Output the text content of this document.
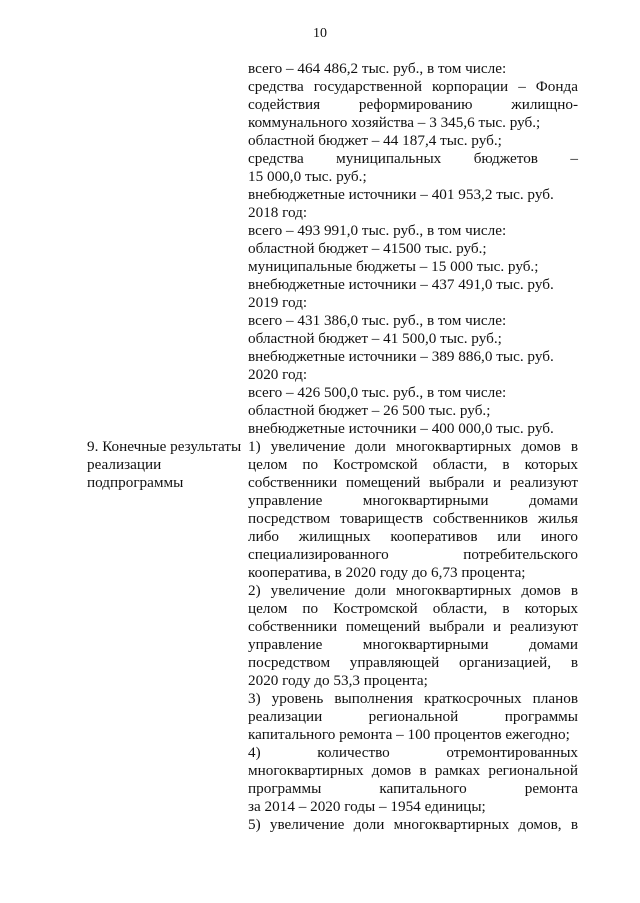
10
всего – 464 486,2 тыс. руб., в том числе:
средства государственной корпорации – Фонда
содействия реформированию жилищно-
коммунального хозяйства – 3 345,6 тыс. руб.;
областной бюджет – 44 187,4 тыс. руб.;
средства муниципальных бюджетов –
15 000,0 тыс. руб.;
внебюджетные источники – 401 953,2 тыс. руб.
2018 год:
всего – 493 991,0 тыс. руб., в том числе:
областной бюджет – 41500 тыс. руб.;
муниципальные бюджеты – 15 000 тыс. руб.;
внебюджетные источники – 437 491,0 тыс. руб.
2019 год:
всего – 431 386,0 тыс. руб., в том числе:
областной бюджет – 41 500,0 тыс. руб.;
внебюджетные источники – 389 886,0 тыс. руб.
2020 год:
всего – 426 500,0 тыс. руб., в том числе:
областной бюджет – 26 500 тыс. руб.;
внебюджетные источники – 400 000,0 тыс. руб.
9. Конечные результаты
реализации
подпрограммы
1) увеличение доли многоквартирных домов в
целом по Костромской области, в которых
собственники помещений выбрали и реализуют
управление многоквартирными домами
посредством товариществ собственников жилья
либо жилищных кооперативов или иного
специализированного потребительского
кооператива, в 2020 году до 6,73 процента;
2) увеличение доли многоквартирных домов в
целом по Костромской области, в которых
собственники помещений выбрали и реализуют
управление многоквартирными домами
посредством управляющей организацией, в
2020 году до 53,3 процента;
3) уровень выполнения краткосрочных планов
реализации региональной программы
капитального ремонта – 100 процентов ежегодно;
4) количество отремонтированных
многоквартирных домов в рамках региональной
программы капитального ремонта
за 2014 – 2020 годы – 1954 единицы;
5) увеличение доли многоквартирных домов, в
